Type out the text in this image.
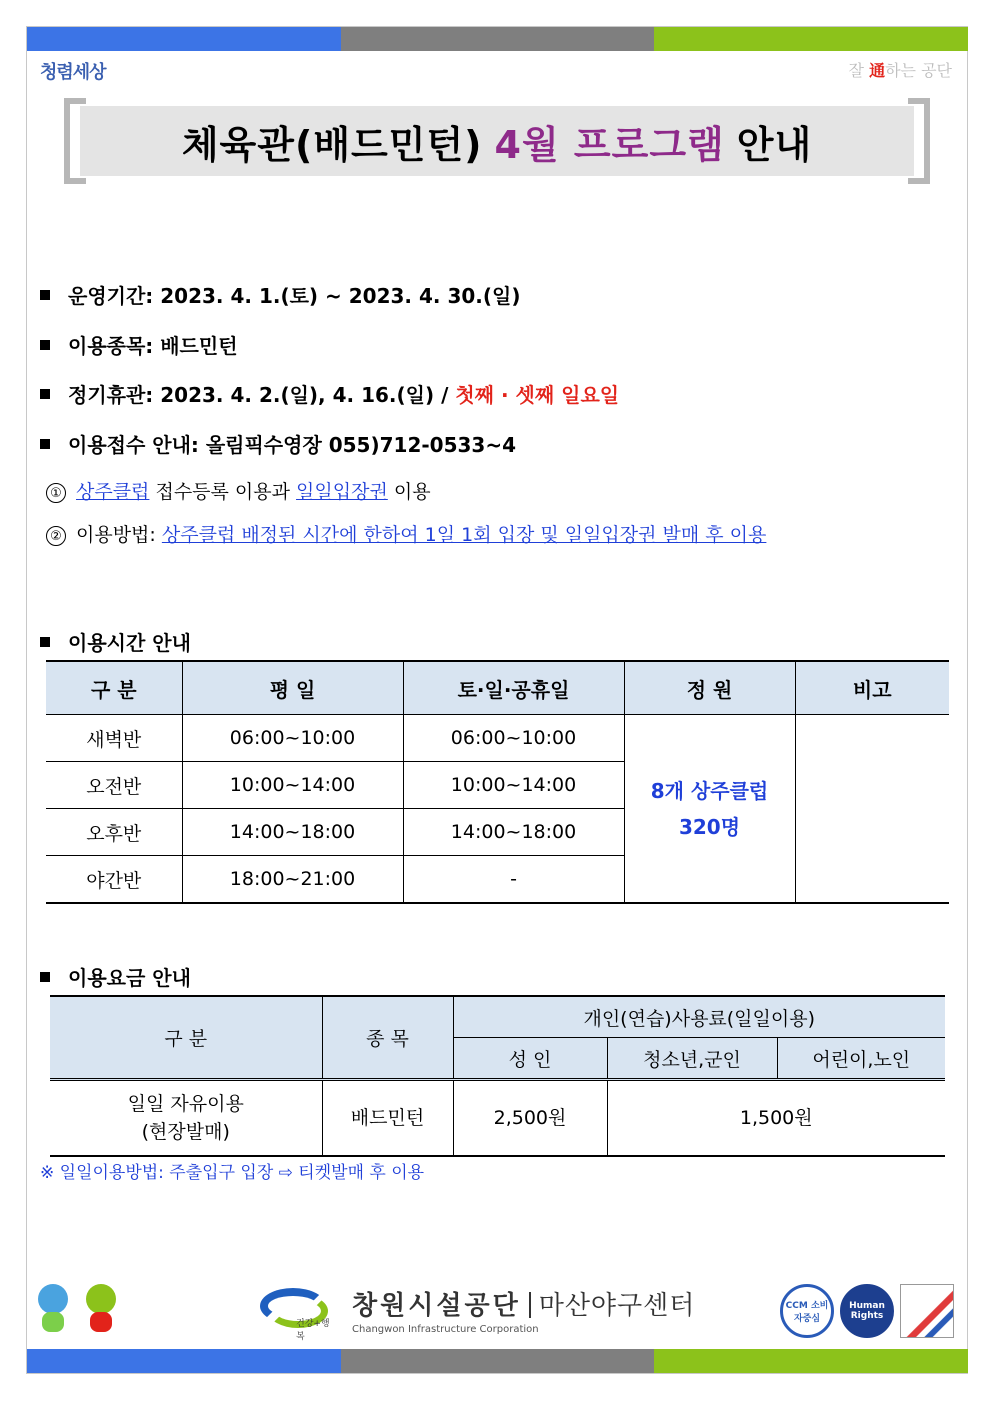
청렴세상	잘 通하는 공단
체육관(배드민턴) 4월 프로그램 안내
운영기간: 2023. 4. 1.(토) ~ 2023. 4. 30.(일)
이용종목: 배드민턴
정기휴관: 2023. 4. 2.(일), 4. 16.(일) / 첫째 · 셋째 일요일
이용접수 안내: 올림픽수영장 055)712-0533~4
① 상주클럽 접수등록 이용과 일일입장권 이용
② 이용방법: 상주클럽 배정된 시간에 한하여 1일 1회 입장 및 일일입장권 발매 후 이용
이용시간 안내
구 분	평 일	토·일·공휴일	정 원	비고
새벽반	06:00~10:00	06:00~10:00	8개 상주클럽
320명	
오전반	10:00~14:00	10:00~14:00		
오후반	14:00~18:00	14:00~18:00		
야간반	18:00~21:00	-		
이용요금 안내
구 분	종 목	개인(연습)사용료(일일이용)		
		성 인	청소년,군인	어린이,노인
일일 자유이용
(현장발매)	배드민턴	2,500원	1,500원	
※ 일일이용방법: 주출입구 입장 ⇨ 티켓발매 후 이용
건강+행복
창원시설공단 마산야구센터
Changwon Infrastructure Corporation
CCM 소비자중심
Human Rights
